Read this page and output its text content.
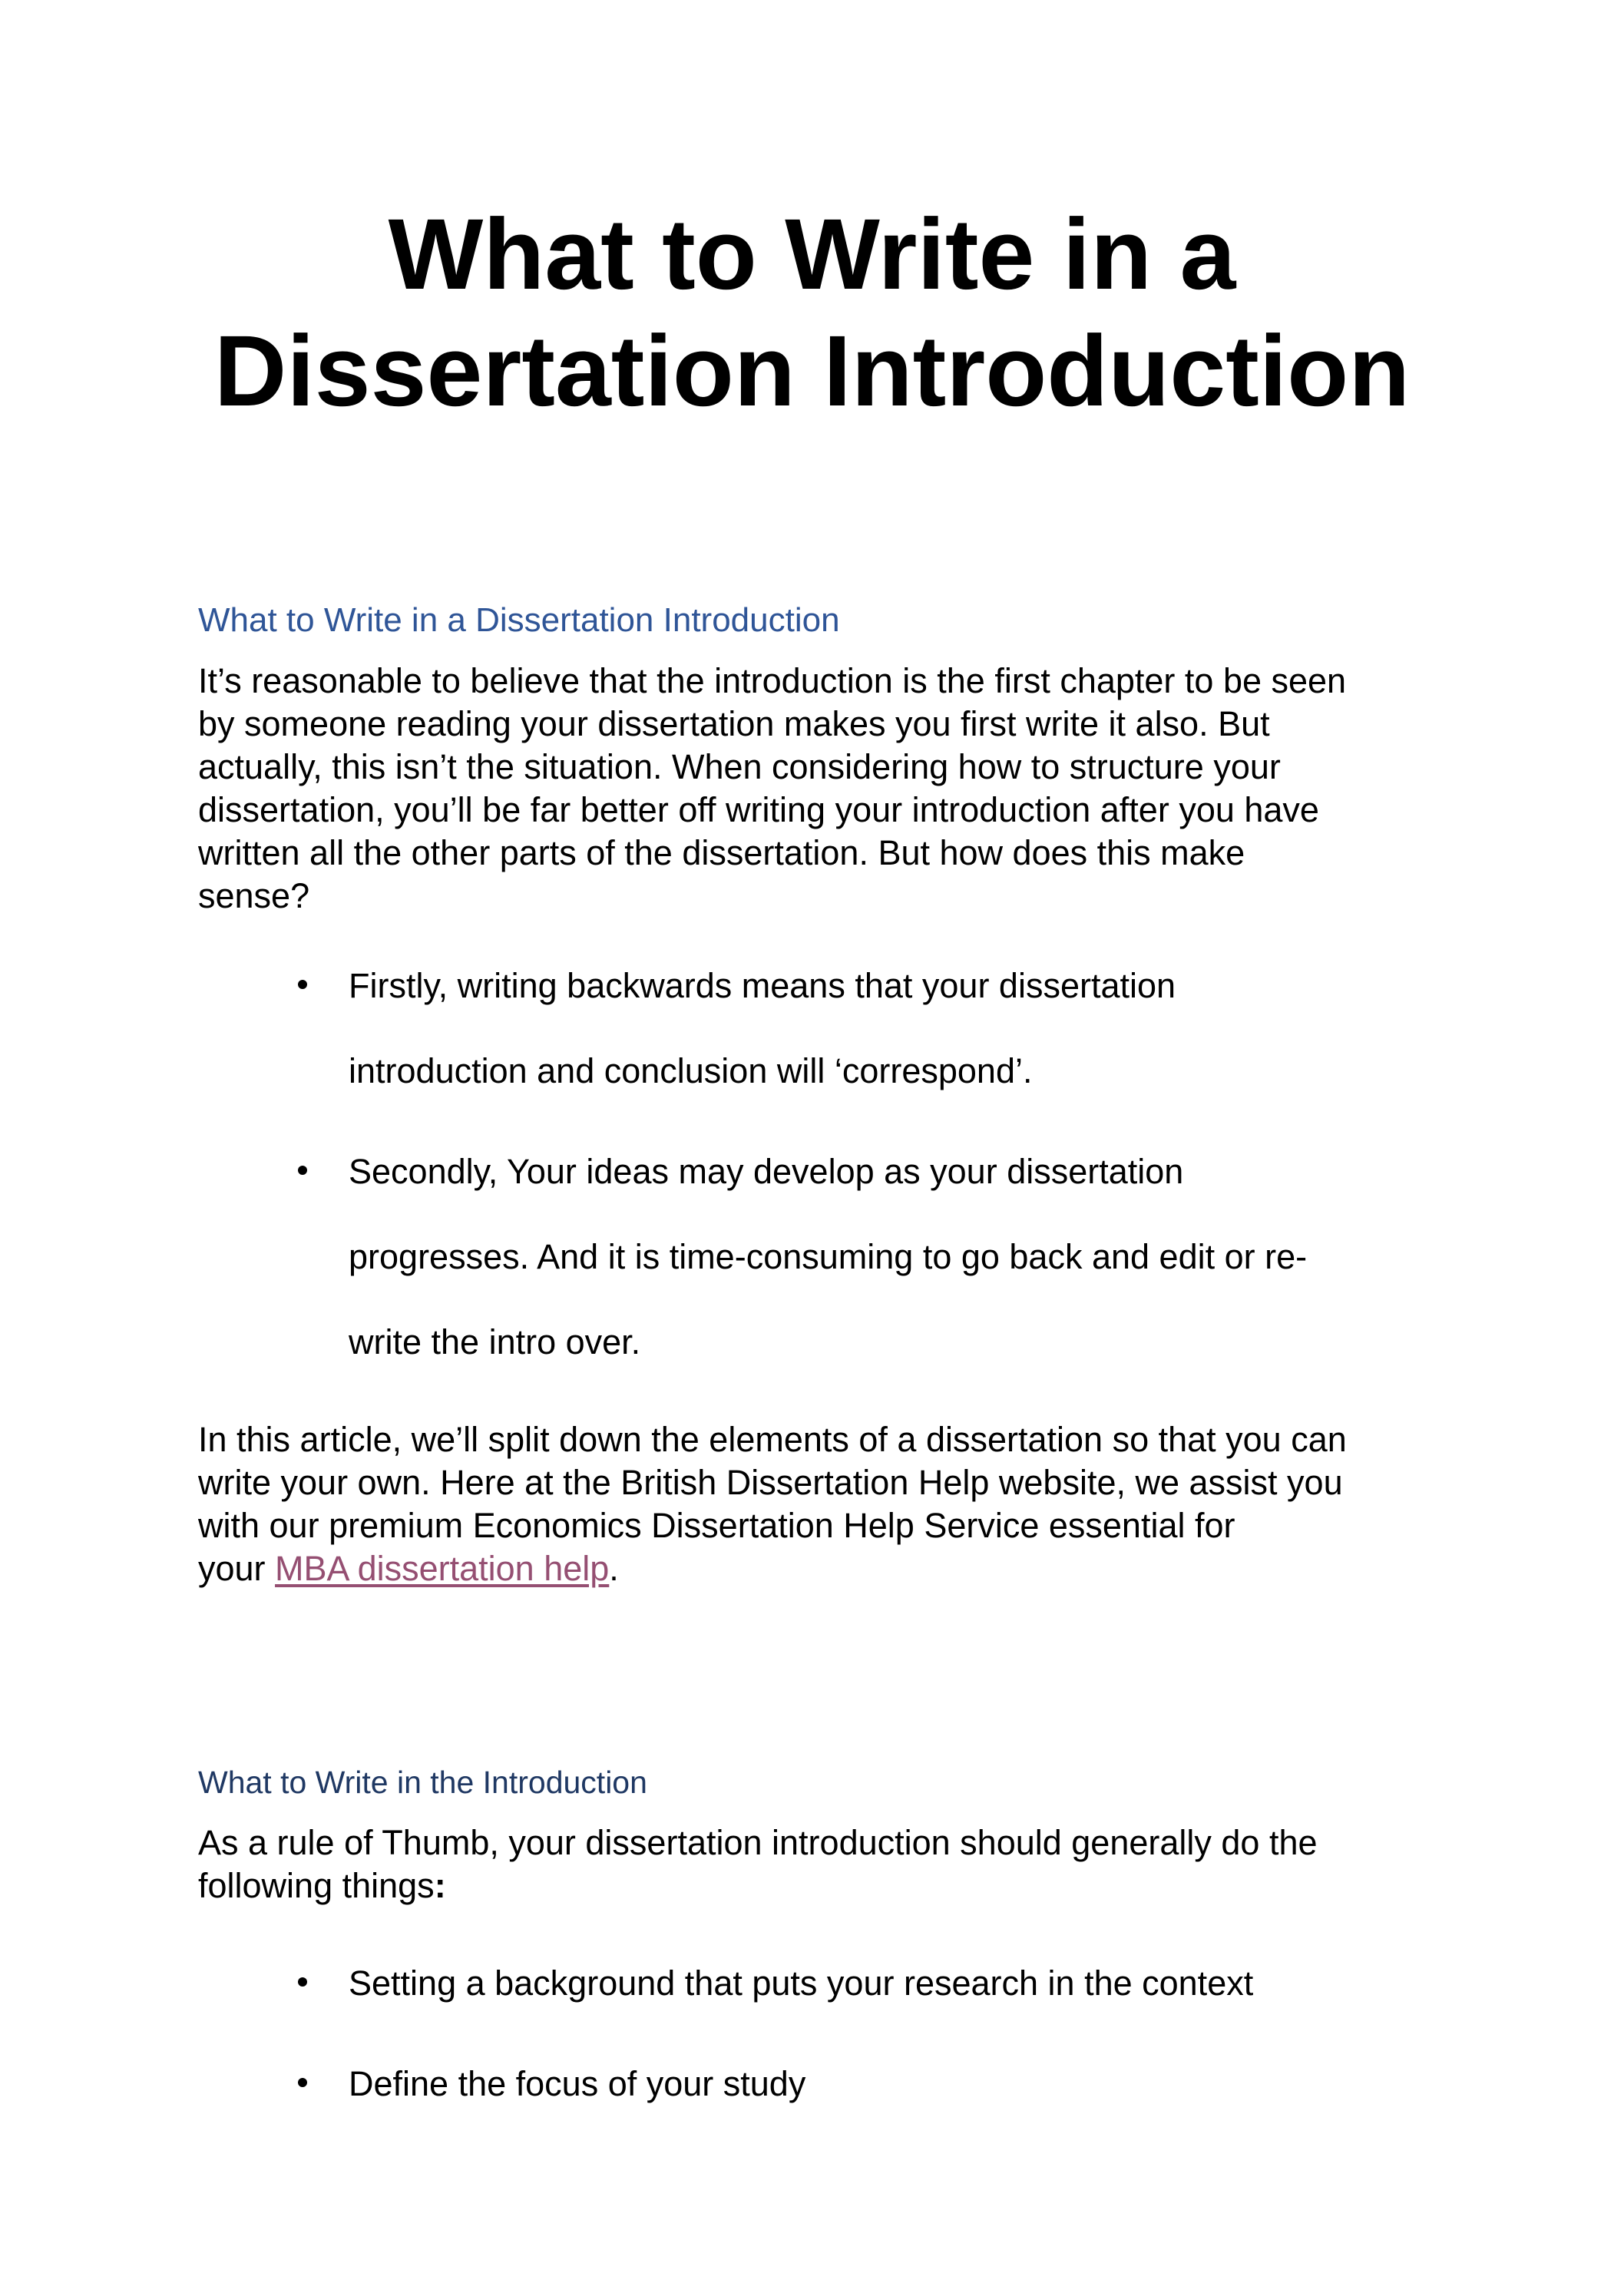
What to Write in a
Dissertation Introduction
What to Write in a Dissertation Introduction

It’s reasonable to believe that the introduction is the first chapter to be seen
by someone reading your dissertation makes you first write it also. But
actually, this isn’t the situation. When considering how to structure your
dissertation, you’ll be far better off writing your introduction after you have
written all the other parts of the dissertation. But how does this make
sense?

Firstly, writing backwards means that your dissertation
introduction and conclusion will ‘correspond’.
Secondly, Your ideas may develop as your dissertation
progresses. And it is time-consuming to go back and edit or re-
write the intro over.

In this article, we’ll split down the elements of a dissertation so that you can
write your own. Here at the British Dissertation Help website, we assist you
with our premium Economics Dissertation Help Service essential for
your MBA dissertation help.

What to Write in the Introduction

As a rule of Thumb, your dissertation introduction should generally do the
following things:

Setting a background that puts your research in the context
Define the focus of your study
